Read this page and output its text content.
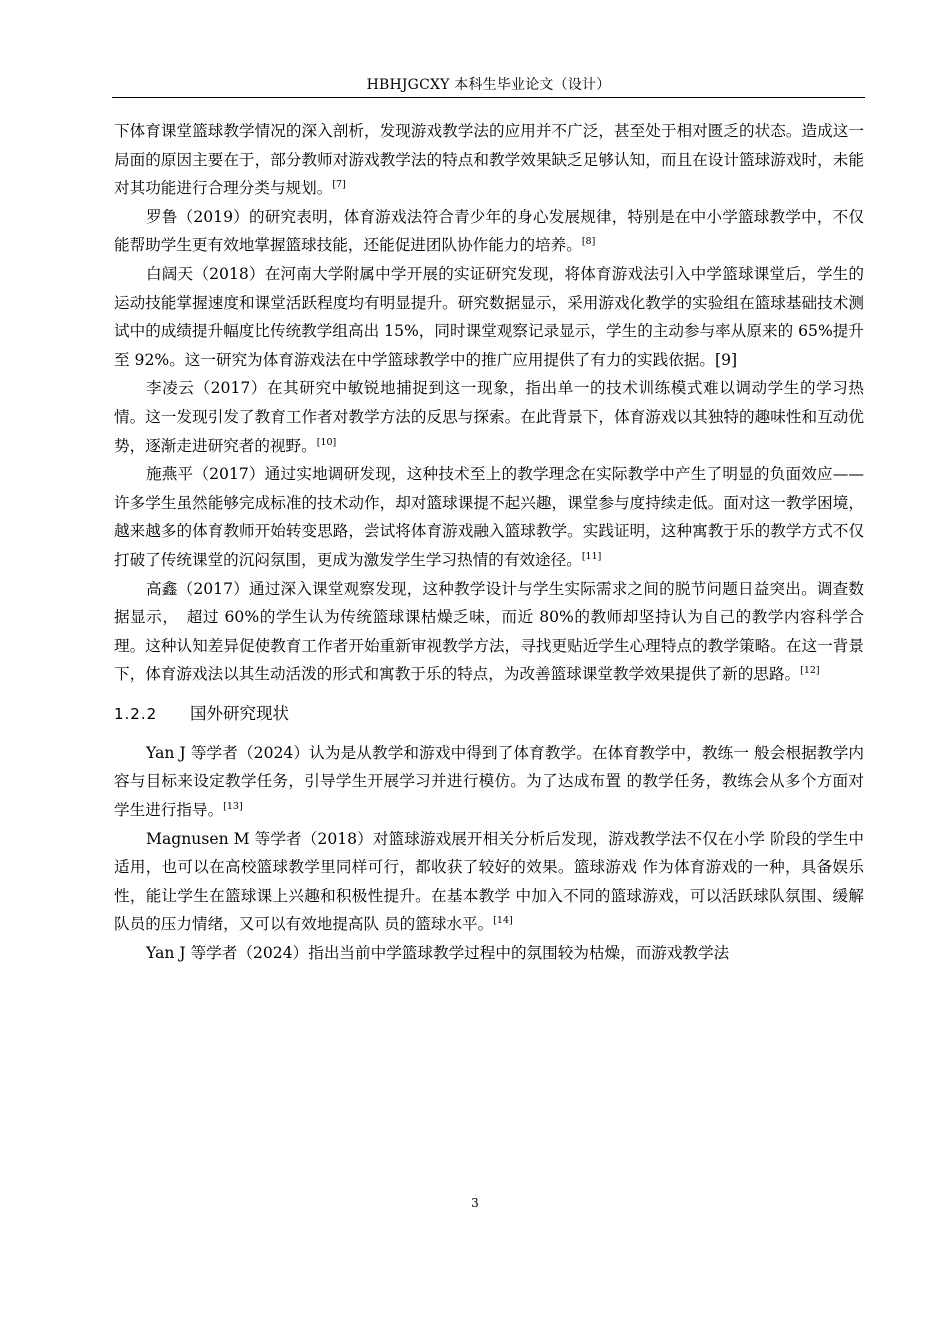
HBHJGCXY 本科生毕业论文（设计）

下体育课堂篮球教学情况的深入剖析，发现游戏教学法的应用并不广泛，甚至处于相对匮乏的状态。造成这一局面的原因主要在于，部分教师对游戏教学法的特点和教学效果缺乏足够认知，而且在设计篮球游戏时，未能对其功能进行合理分类与规划。[7]

罗鲁（2019）的研究表明，体育游戏法符合青少年的身心发展规律，特别是在中小学篮球教学中，不仅能帮助学生更有效地掌握篮球技能，还能促进团队协作能力的培养。[8]

白阔天（2018）在河南大学附属中学开展的实证研究发现，将体育游戏法引入中学篮球课堂后，学生的运动技能掌握速度和课堂活跃程度均有明显提升。研究数据显示，采用游戏化教学的实验组在篮球基础技术测试中的成绩提升幅度比传统教学组高出 15%，同时课堂观察记录显示，学生的主动参与率从原来的 65%提升至 92%。这一研究为体育游戏法在中学篮球教学中的推广应用提供了有力的实践依据。[9]

李凌云（2017）在其研究中敏锐地捕捉到这一现象，指出单一的技术训练模式难以调动学生的学习热情。这一发现引发了教育工作者对教学方法的反思与探索。在此背景下，体育游戏以其独特的趣味性和互动优势，逐渐走进研究者的视野。[10]

施燕平（2017）通过实地调研发现，这种技术至上的教学理念在实际教学中产生了明显的负面效应——许多学生虽然能够完成标准的技术动作，却对篮球课提不起兴趣，课堂参与度持续走低。面对这一教学困境，越来越多的体育教师开始转变思路，尝试将体育游戏融入篮球教学。实践证明，这种寓教于乐的教学方式不仅打破了传统课堂的沉闷氛围，更成为激发学生学习热情的有效途径。[11]

高鑫（2017）通过深入课堂观察发现，这种教学设计与学生实际需求之间的脱节问题日益突出。调查数据显示，　超过 60%的学生认为传统篮球课枯燥乏味，而近 80%的教师却坚持认为自己的教学内容科学合理。这种认知差异促使教育工作者开始重新审视教学方法，寻找更贴近学生心理特点的教学策略。在这一背景下，体育游戏法以其生动活泼的形式和寓教于乐的特点，为改善篮球课堂教学效果提供了新的思路。[12]

1.2.2 国外研究现状

Yan J 等学者（2024）认为是从教学和游戏中得到了体育教学。在体育教学中，教练一 般会根据教学内容与目标来设定教学任务，引导学生开展学习并进行模仿。为了达成布置 的教学任务，教练会从多个方面对学生进行指导。[13]

Magnusen M 等学者（2018）对篮球游戏展开相关分析后发现，游戏教学法不仅在小学 阶段的学生中适用，也可以在高校篮球教学里同样可行，都收获了较好的效果。篮球游戏 作为体育游戏的一种，具备娱乐性，能让学生在篮球课上兴趣和积极性提升。在基本教学 中加入不同的篮球游戏，可以活跃球队氛围、缓解队员的压力情绪，又可以有效地提高队 员的篮球水平。[14]

Yan J 等学者（2024）指出当前中学篮球教学过程中的氛围较为枯燥，而游戏教学法

3
